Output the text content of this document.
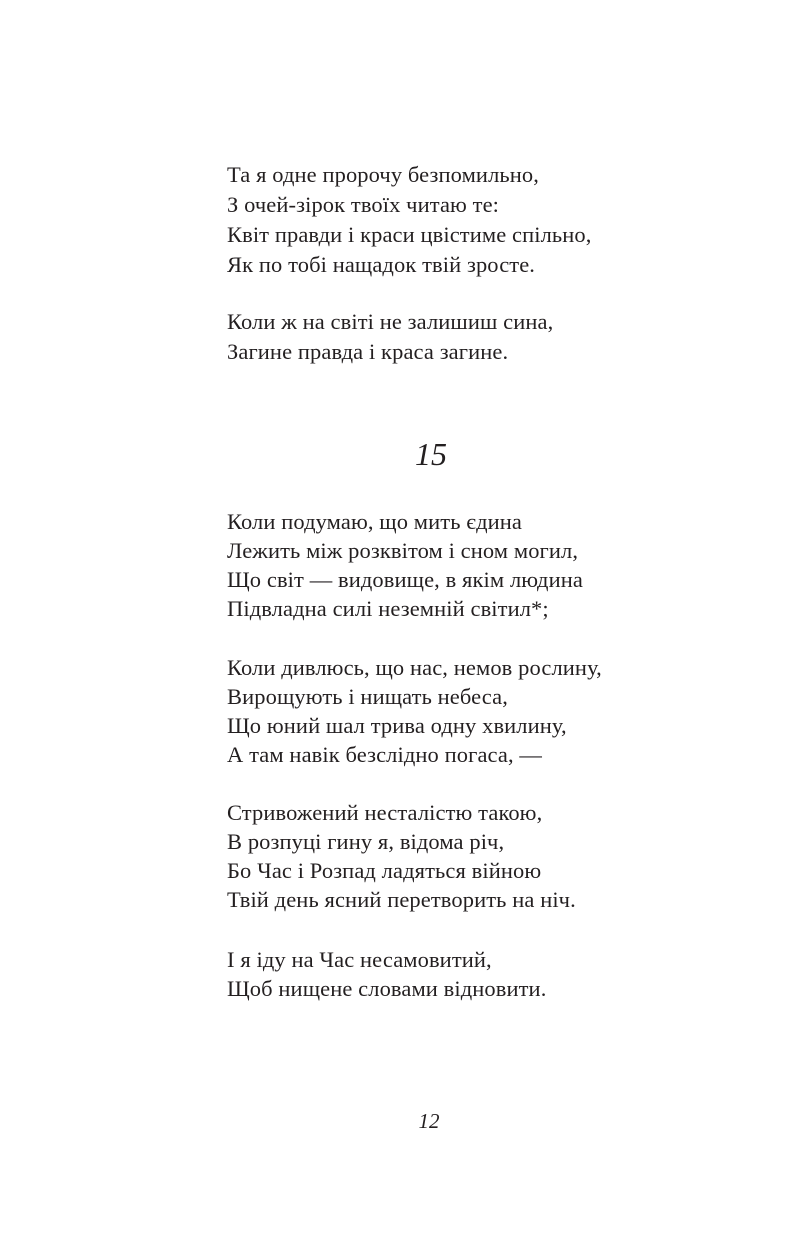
Та я одне пророчу безпомильно,
З очей-зірок твоїх читаю те:
Квіт правди і краси цвістиме спільно,
Як по тобі нащадок твій зросте.
Коли ж на світі не залишиш сина,
Загине правда і краса загине.
15
Коли подумаю, що мить єдина
Лежить між розквітом і сном могил,
Що світ — видовище, в якім людина
Підвладна силі неземній світил*;
Коли дивлюсь, що нас, немов рослину,
Вирощують і нищать небеса,
Що юний шал трива одну хвилину,
А там навік безслідно погаса, —
Стривожений несталістю такою,
В розпуці гину я, відома річ,
Бо Час і Розпад ладяться війною
Твій день ясний перетворить на ніч.
І я іду на Час несамовитий,
Щоб нищене словами відновити.
12
